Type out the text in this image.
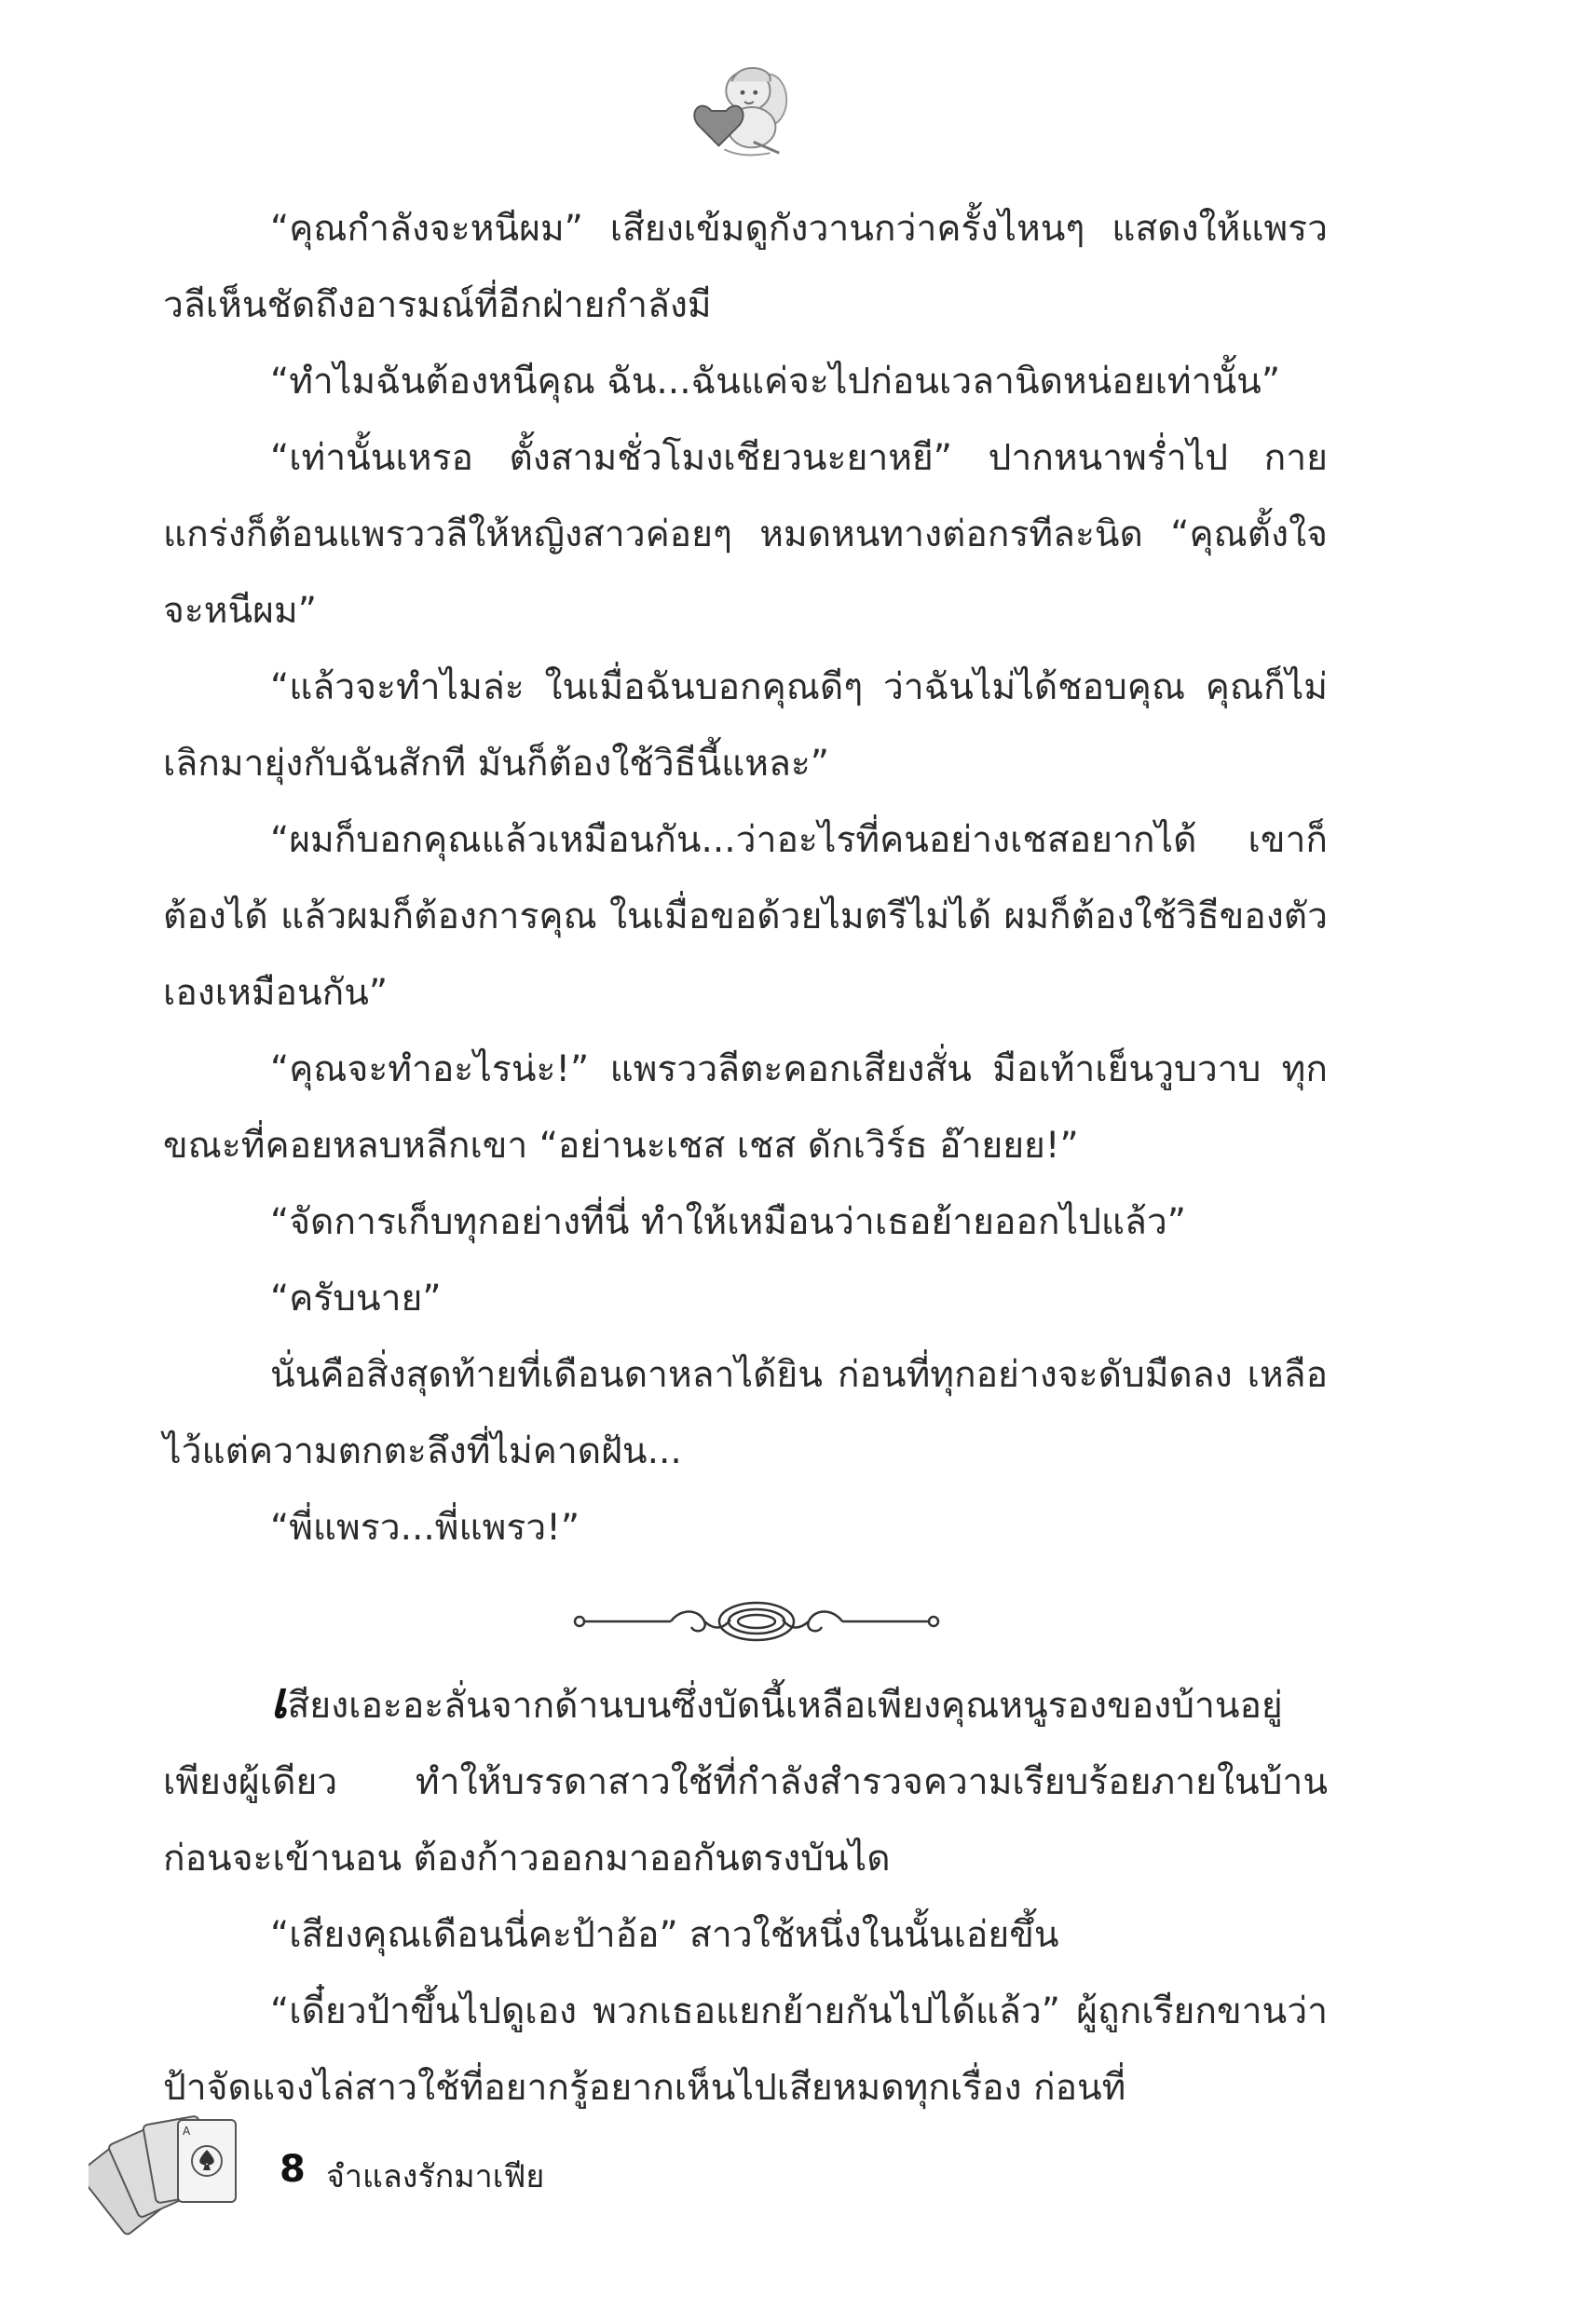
“คุณกำลังจะหนีผม” เสียงเข้มดูกังวานกว่าครั้งไหนๆ แสดงให้แพรววลีเห็นชัดถึงอารมณ์ที่อีกฝ่ายกำลังมี

“ทำไมฉันต้องหนีคุณ ฉัน...ฉันแค่จะไปก่อนเวลานิดหน่อยเท่านั้น”

“เท่านั้นเหรอ ตั้งสามชั่วโมงเชียวนะยาหยี” ปากหนาพร่ำไป กายแกร่งก็ต้อนแพรววลีให้หญิงสาวค่อยๆ หมดหนทางต่อกรทีละนิด “คุณตั้งใจจะหนีผม”

“แล้วจะทำไมล่ะ ในเมื่อฉันบอกคุณดีๆ ว่าฉันไม่ได้ชอบคุณ คุณก็ไม่เลิกมายุ่งกับฉันสักที มันก็ต้องใช้วิธีนี้แหละ”

“ผมก็บอกคุณแล้วเหมือนกัน...ว่าอะไรที่คนอย่างเชสอยากได้ เขาก็ต้องได้ แล้วผมก็ต้องการคุณ ในเมื่อขอด้วยไมตรีไม่ได้ ผมก็ต้องใช้วิธีของตัวเองเหมือนกัน”

“คุณจะทำอะไรน่ะ!” แพรววลีตะคอกเสียงสั่น มือเท้าเย็นวูบวาบ ทุกขณะที่คอยหลบหลีกเขา “อย่านะเชส เชส ดักเวิร์ธ อ๊ายยย!”

“จัดการเก็บทุกอย่างที่นี่ ทำให้เหมือนว่าเธอย้ายออกไปแล้ว”

“ครับนาย”

นั่นคือสิ่งสุดท้ายที่เดือนดาหลาได้ยิน ก่อนที่ทุกอย่างจะดับมืดลง เหลือไว้แต่ความตกตะลึงที่ไม่คาดฝัน...

“พี่แพรว...พี่แพรว!”

เสียงเอะอะลั่นจากด้านบนซึ่งบัดนี้เหลือเพียงคุณหนูรองของบ้านอยู่เพียงผู้เดียว ทำให้บรรดาสาวใช้ที่กำลังสำรวจความเรียบร้อยภายในบ้านก่อนจะเข้านอน ต้องก้าวออกมาออกันตรงบันได

“เสียงคุณเดือนนี่คะป้าอ้อ” สาวใช้หนึ่งในนั้นเอ่ยขึ้น

“เดี๋ยวป้าขึ้นไปดูเอง พวกเธอแยกย้ายกันไปได้แล้ว” ผู้ถูกเรียกขานว่าป้าจัดแจงไล่สาวใช้ที่อยากรู้อยากเห็นไปเสียหมดทุกเรื่อง ก่อนที่

A
8 จำแลงรักมาเฟีย
